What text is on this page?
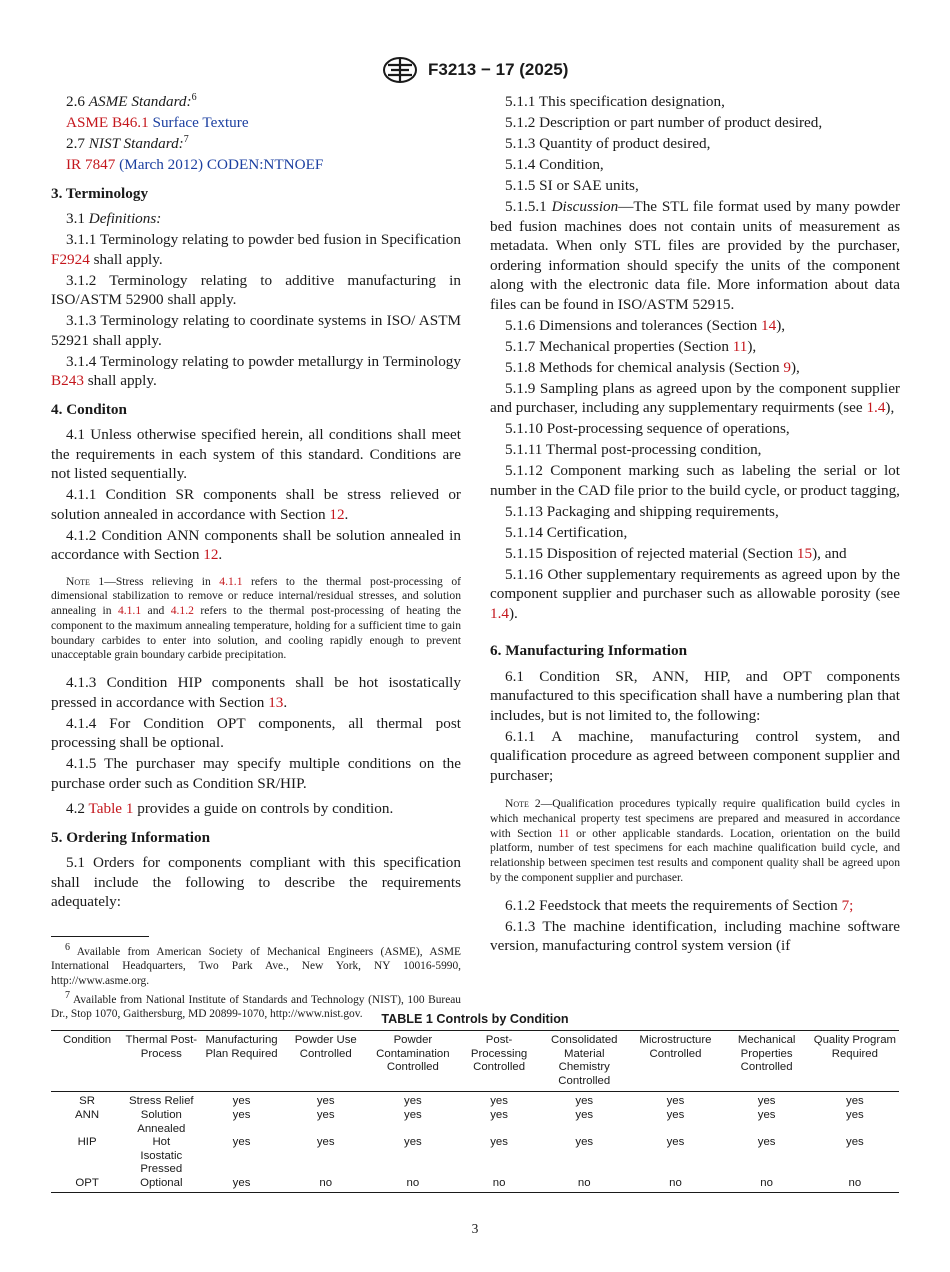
F3213 − 17 (2025)

2.6 ASME Standard:$^6$

ASME B46.1 Surface Texture

2.7 NIST Standard:$^7$

IR 7847 (March 2012) CODEN:NTNOEF

3. Terminology

3.1 Definitions:

3.1.1 Terminology relating to powder bed fusion in Specification F2924 shall apply.

3.1.2 Terminology relating to additive manufacturing in ISO/ASTM 52900 shall apply.

3.1.3 Terminology relating to coordinate systems in ISO/ ASTM 52921 shall apply.

3.1.4 Terminology relating to powder metallurgy in Terminology B243 shall apply.

4. Conditon

4.1 Unless otherwise specified herein, all conditions shall meet the requirements in each system of this standard. Conditions are not listed sequentially.

4.1.1 Condition SR components shall be stress relieved or solution annealed in accordance with Section 12.

4.1.2 Condition ANN components shall be solution annealed in accordance with Section 12.

Note 1—Stress relieving in 4.1.1 refers to the thermal post-processing of dimensional stabilization to remove or reduce internal/residual stresses, and solution annealing in 4.1.1 and 4.1.2 refers to the thermal post-processing of heating the component to the maximum annealing temperature, holding for a sufficient time to gain boundary carbides to enter into solution, and cooling rapidly enough to prevent unacceptable grain boundary carbide precipitation.

4.1.3 Condition HIP components shall be hot isostatically pressed in accordance with Section 13.

4.1.4 For Condition OPT components, all thermal post processing shall be optional.

4.1.5 The purchaser may specify multiple conditions on the purchase order such as Condition SR/HIP.

4.2 Table 1 provides a guide on controls by condition.

5. Ordering Information

5.1 Orders for components compliant with this specification shall include the following to describe the requirements adequately:

$^6$ Available from American Society of Mechanical Engineers (ASME), ASME International Headquarters, Two Park Ave., New York, NY 10016-5990, http://www.asme.org.

$^7$ Available from National Institute of Standards and Technology (NIST), 100 Bureau Dr., Stop 1070, Gaithersburg, MD 20899-1070, http://www.nist.gov.

5.1.1 This specification designation,

5.1.2 Description or part number of product desired,

5.1.3 Quantity of product desired,

5.1.4 Condition,

5.1.5 SI or SAE units,

5.1.5.1 Discussion—The STL file format used by many powder bed fusion machines does not contain units of measurement as metadata. When only STL files are provided by the purchaser, ordering information should specify the units of the component along with the electronic data file. More information about data files can be found in ISO/ASTM 52915.

5.1.6 Dimensions and tolerances (Section 14),

5.1.7 Mechanical properties (Section 11),

5.1.8 Methods for chemical analysis (Section 9),

5.1.9 Sampling plans as agreed upon by the component supplier and purchaser, including any supplementary requirments (see 1.4),

5.1.10 Post-processing sequence of operations,

5.1.11 Thermal post-processing condition,

5.1.12 Component marking such as labeling the serial or lot number in the CAD file prior to the build cycle, or product tagging,

5.1.13 Packaging and shipping requirements,

5.1.14 Certification,

5.1.15 Disposition of rejected material (Section 15), and

5.1.16 Other supplementary requirements as agreed upon by the component supplier and purchaser such as allowable porosity (see 1.4).

6. Manufacturing Information

6.1 Condition SR, ANN, HIP, and OPT components manufactured to this specification shall have a numbering plan that includes, but is not limited to, the following:

6.1.1 A machine, manufacturing control system, and qualification procedure as agreed between component supplier and purchaser;

Note 2—Qualification procedures typically require qualification build cycles in which mechanical property test specimens are prepared and measured in accordance with Section 11 or other applicable standards. Location, orientation on the build platform, number of test specimens for each machine qualification build cycle, and relationship between specimen test results and component quality shall be agreed upon by the component supplier and purchaser.

6.1.2 Feedstock that meets the requirements of Section 7;

6.1.3 The machine identification, including machine software version, manufacturing control system version (if

TABLE 1 Controls by Condition
Condition	Thermal Post-Process	Manufacturing Plan Required	Powder Use Controlled	Powder Contamination Controlled	Post-Processing Controlled	Consolidated Material Chemistry Controlled	Microstructure Controlled	Mechanical Properties Controlled	Quality Program Required
SR	Stress Relief	yes	yes	yes	yes	yes	yes	yes	yes
ANN	Solution Annealed	yes	yes	yes	yes	yes	yes	yes	yes
HIP	Hot Isostatic Pressed	yes	yes	yes	yes	yes	yes	yes	yes
OPT	Optional	yes	no	no	no	no	no	no	no
3
